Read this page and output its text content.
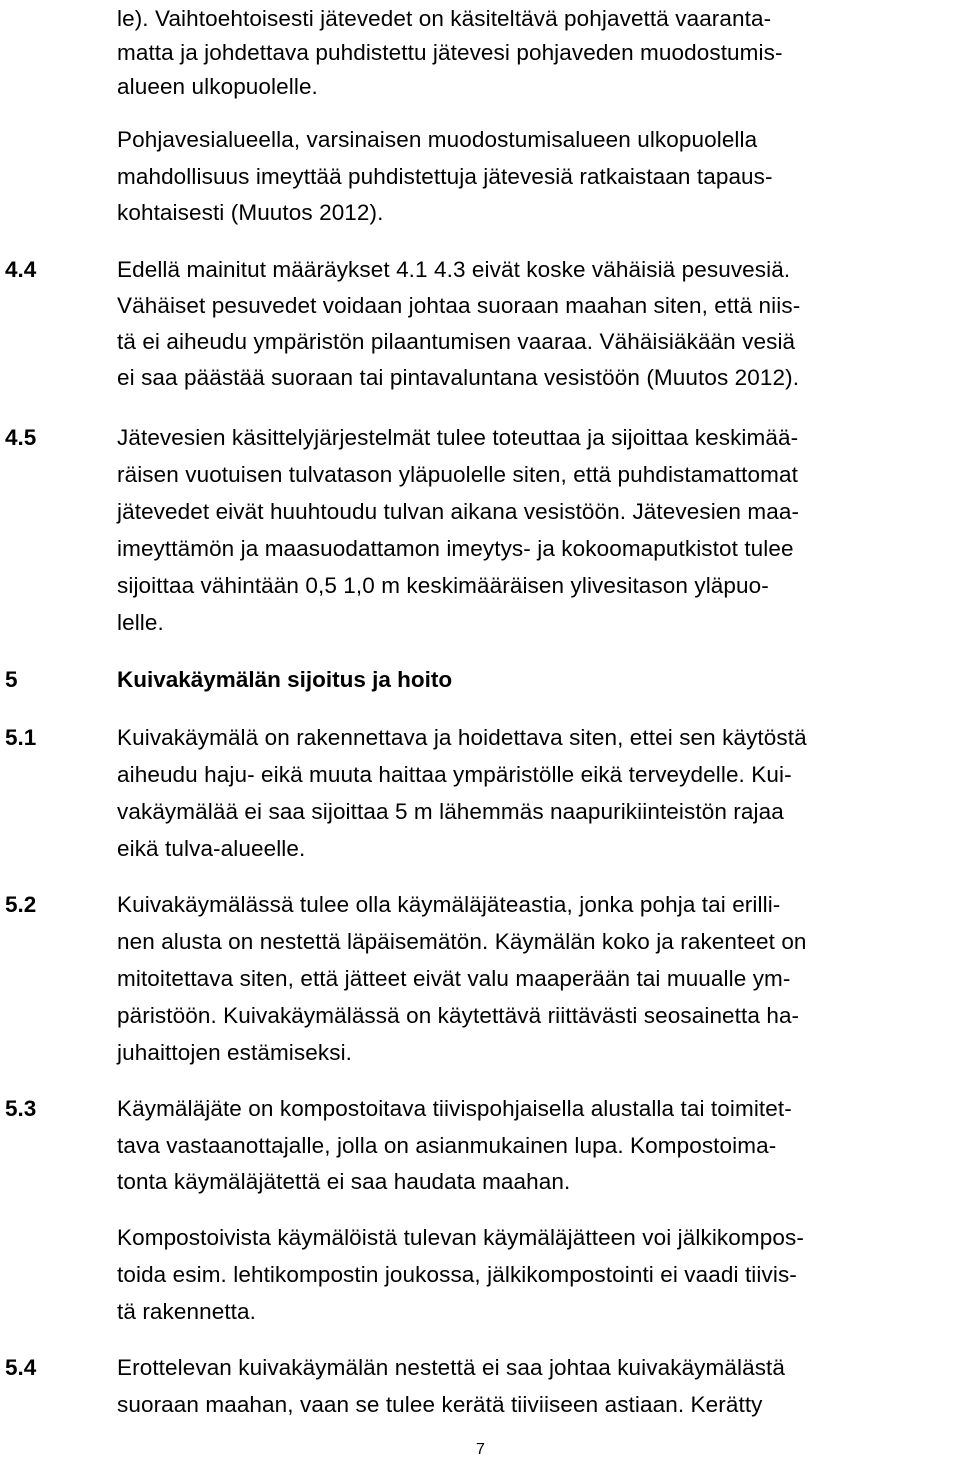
le). Vaihtoehtoisesti jätevedet on käsiteltävä pohjavettä vaaranta-
matta ja johdettava puhdistettu jätevesi pohjaveden muodostumis-
alueen ulkopuolelle.
Pohjavesialueella, varsinaisen muodostumisalueen ulkopuolella
mahdollisuus imeyttää puhdistettuja jätevesiä ratkaistaan tapaus-
kohtaisesti (Muutos 2012).
4.4	Edellä mainitut määräykset 4.1 4.3 eivät koske vähäisiä pesuvesiä.
Vähäiset pesuvedet voidaan johtaa suoraan maahan siten, että niis-
tä ei aiheudu ympäristön pilaantumisen vaaraa. Vähäisiäkään vesiä
ei saa päästää suoraan tai pintavaluntana vesistöön (Muutos 2012).
4.5	Jätevesien käsittelyjärjestelmät tulee toteuttaa ja sijoittaa keskimää-
räisen vuotuisen tulvatason yläpuolelle siten, että puhdistamattomat
jätevedet eivät huuhtoudu tulvan aikana vesistöön. Jätevesien maa-
imeyttämön ja maasuodattamon imeytys- ja kokoomaputkistot tulee
sijoittaa vähintään 0,5 1,0 m keskimääräisen ylivesitason yläpuo-
lelle.
5	Kuivakäymälän sijoitus ja hoito
5.1	Kuivakäymälä on rakennettava ja hoidettava siten, ettei sen käytöstä
aiheudu haju- eikä muuta haittaa ympäristölle eikä terveydelle. Kui-
vakäymälää ei saa sijoittaa 5 m lähemmäs naapurikiinteistön rajaa
eikä tulva-alueelle.
5.2	Kuivakäymälässä tulee olla käymäläjäteastia, jonka pohja tai erilli-
nen alusta on nestettä läpäisemätön. Käymälän koko ja rakenteet on
mitoitettava siten, että jätteet eivät valu maaperään tai muualle ym-
päristöön. Kuivakäymälässä on käytettävä riittävästi seosainetta ha-
juhaittojen estämiseksi.
5.3	Käymäläjäte on kompostoitava tiivispohjaisella alustalla tai toimitet-
tava vastaanottajalle, jolla on asianmukainen lupa. Kompostoima-
tonta käymäläjätettä ei saa haudata maahan.
Kompostoivista käymälöistä tulevan käymäläjätteen voi jälkikompos-
toida esim. lehtikompostin joukossa, jälkikompostointi ei vaadi tiivis-
tä rakennetta.
5.4	Erottelevan kuivakäymälän nestettä ei saa johtaa kuivakäymälästä
suoraan maahan, vaan se tulee kerätä tiiviiseen astiaan. Kerätty
7
